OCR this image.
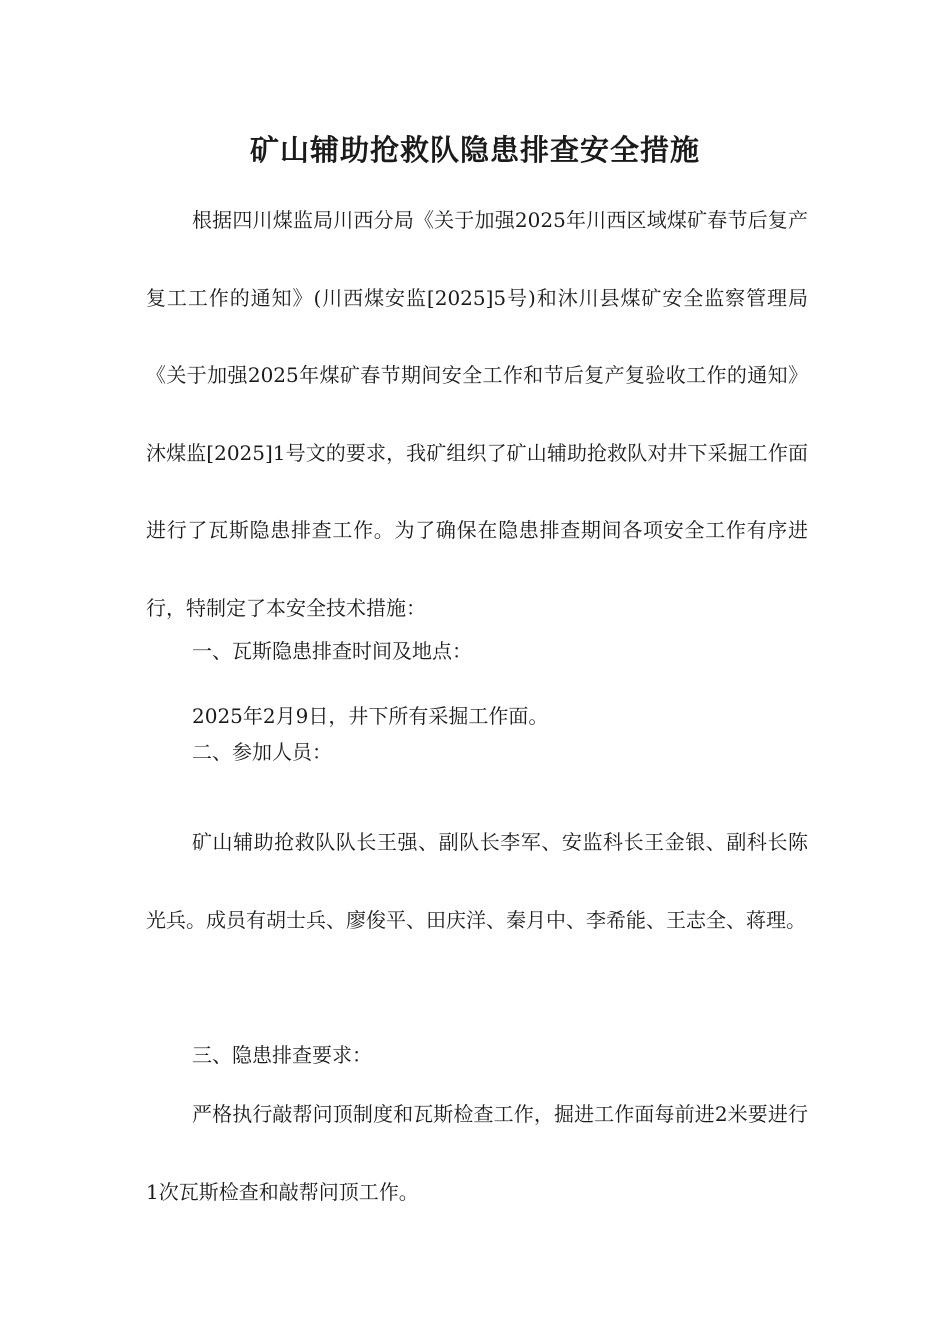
矿山辅助抢救队隐患排查安全措施

根据四川煤监局川西分局《关于加强2025年川西区域煤矿春节后复产复工工作的通知》(川西煤安监[2025]5号)和沐川县煤矿安全监察管理局《关于加强2025年煤矿春节期间安全工作和节后复产复验收工作的通知》沐煤监[2025]1号文的要求，我矿组织了矿山辅助抢救队对井下采掘工作面进行了瓦斯隐患排查工作。为了确保在隐患排查期间各项安全工作有序进行，特制定了本安全技术措施：

一、瓦斯隐患排查时间及地点：

2025年2月9日，井下所有采掘工作面。

二、参加人员：

矿山辅助抢救队队长王强、副队长李军、安监科长王金银、副科长陈光兵。成员有胡士兵、廖俊平、田庆洋、秦月中、李希能、王志全、蒋理。

三、隐患排查要求：

严格执行敲帮问顶制度和瓦斯检查工作，掘进工作面每前进2米要进行1次瓦斯检查和敲帮问顶工作。
